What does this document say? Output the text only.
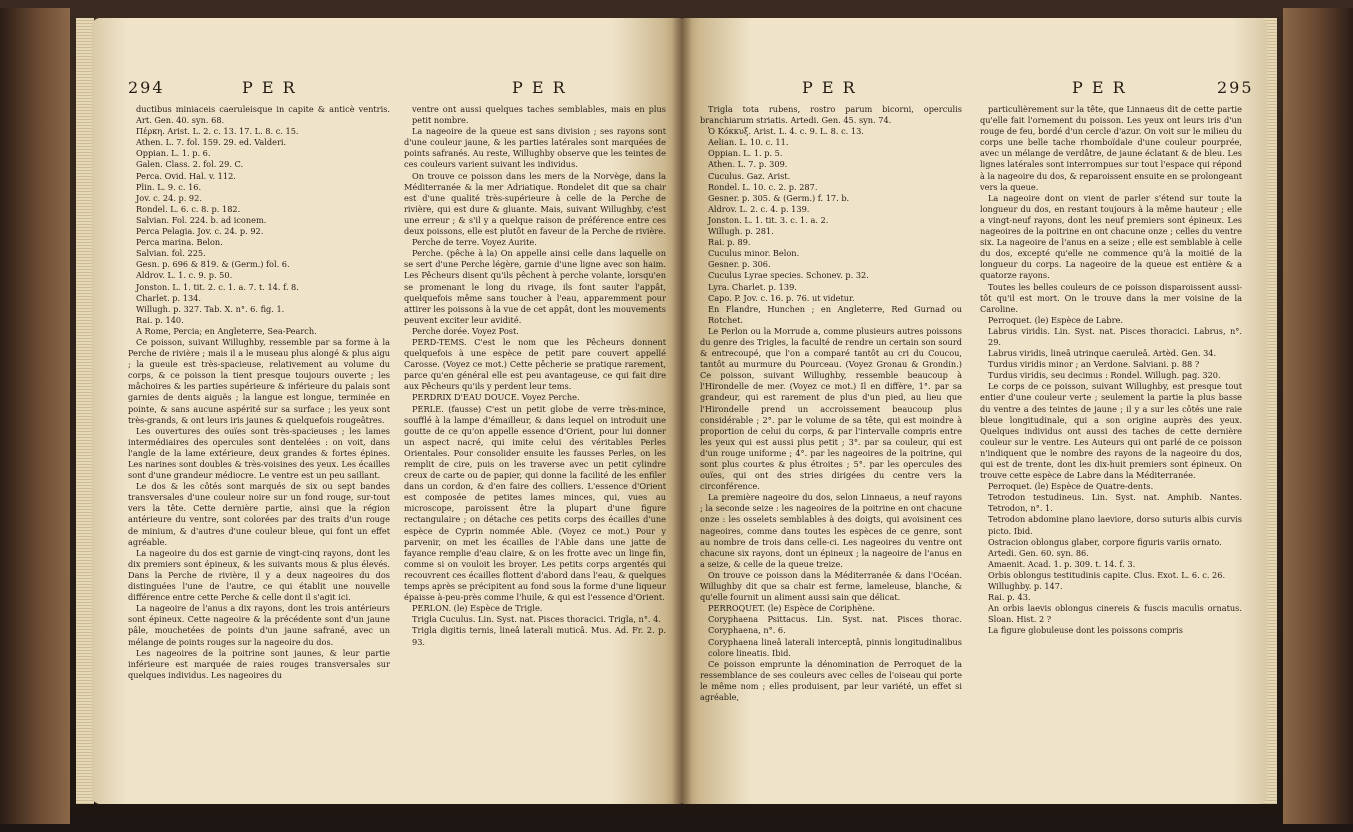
294	P E R	P E R

ductibus miniaceis caeruleisque in capite & anticè ventris. Art. Gen. 40. syn. 68.

Πέρκη. Arist. L. 2. c. 13. 17. L. 8. c. 15.

Athen. L. 7. fol. 159. 29. ed. Valderi.

Oppian. L. 1. p. 6.

Galen. Class. 2. fol. 29. C.

Perca. Ovid. Hal. v. 112.

Plin. L. 9. c. 16.

Jov. c. 24. p. 92.

Rondel. L. 6. c. 8. p. 182.

Salvian. Fol. 224. b. ad iconem.

Perca Pelagia. Jov. c. 24. p. 92.

Perca marina. Belon.

Salvian. fol. 225.

Gesn. p. 696 & 819. & (Germ.) fol. 6.

Aldrov. L. 1. c. 9. p. 50.

Jonston. L. 1. tit. 2. c. 1. a. 7. t. 14. f. 8.

Charlet. p. 134.

Willugh. p. 327. Tab. X. n°. 6. fig. 1.

Rai. p. 140.

A Rome, Percia; en Angleterre, Sea-Pearch.

Ce poisson, suivant Willughby, ressemble par sa forme à la Perche de rivière ; mais il a le museau plus alongé & plus aigu ; la gueule est très-spacieuse, relativement au volume du corps, & ce poisson la tient presque toujours ouverte ; les mâchoires & les parties supérieure & inférieure du palais sont garnies de dents aiguës ; la langue est longue, terminée en pointe, & sans aucune aspérité sur sa surface ; les yeux sont très-grands, & ont leurs iris jaunes & quelquefois rougeâtres.

Les ouvertures des ouïes sont très-spacieuses ; les lames intermédiaires des opercules sont dentelées : on voit, dans l'angle de la lame extérieure, deux grandes & fortes épines. Les narines sont doubles & très-voisines des yeux. Les écailles sont d'une grandeur médiocre. Le ventre est un peu saillant.

Le dos & les côtés sont marqués de six ou sept bandes transversales d'une couleur noire sur un fond rouge, sur-tout vers la tête. Cette dernière partie, ainsi que la région antérieure du ventre, sont colorées par des traits d'un rouge de minium, & d'autres d'une couleur bleue, qui font un effet agréable.

La nageoire du dos est garnie de vingt-cinq rayons, dont les dix premiers sont épineux, & les suivants mous & plus élevés. Dans la Perche de rivière, il y a deux nageoires du dos distinguées l'une de l'autre, ce qui établit une nouvelle différence entre cette Perche & celle dont il s'agit ici.

La nageoire de l'anus a dix rayons, dont les trois antérieurs sont épineux. Cette nageoire & la précédente sont d'un jaune pâle, mouchetées de points d'un jaune safrané, avec un mélange de points rouges sur la nageoire du dos.

Les nageoires de la poitrine sont jaunes, & leur partie inférieure est marquée de raies rouges transversales sur quelques individus. Les nageoires du

ventre ont aussi quelques taches semblables, mais en plus petit nombre.

La nageoire de la queue est sans division ; ses rayons sont d'une couleur jaune, & les parties latérales sont marquées de points safranés. Au reste, Willughby observe que les teintes de ces couleurs varient suivant les individus.

On trouve ce poisson dans les mers de la Norvège, dans la Méditerranée & la mer Adriatique. Rondelet dit que sa chair est d'une qualité très-supérieure à celle de la Perche de rivière, qui est dure & gluante. Mais, suivant Willughby, c'est une erreur ; & s'il y a quelque raison de préférence entre ces deux poissons, elle est plutôt en faveur de la Perche de rivière.

Perche de terre. Voyez Aurite.

Perche. (pêche à la) On appelle ainsi celle dans laquelle on se sert d'une Perche légère, garnie d'une ligne avec son haim. Les Pêcheurs disent qu'ils pêchent à perche volante, lorsqu'en se promenant le long du rivage, ils font sauter l'appât, quelquefois même sans toucher à l'eau, apparemment pour attirer les poissons à la vue de cet appât, dont les mouvements peuvent exciter leur avidité.

Perche dorée. Voyez Post.

PERD-TEMS. C'est le nom que les Pêcheurs donnent quelquefois à une espèce de petit pare couvert appellé Carosse. (Voyez ce mot.) Cette pêcherie se pratique rarement, parce qu'en général elle est peu avantageuse, ce qui fait dire aux Pêcheurs qu'ils y perdent leur tems.

PERDRIX D'EAU DOUCE. Voyez Perche.

PERLE. (fausse) C'est un petit globe de verre très-mince, soufflé à la lampe d'émailleur, & dans lequel on introduit une goutte de ce qu'on appelle essence d'Orient, pour lui donner un aspect nacré, qui imite celui des véritables Perles Orientales. Pour consolider ensuite les fausses Perles, on les remplit de cire, puis on les traverse avec un petit cylindre creux de carte ou de papier, qui donne la facilité de les enfiler dans un cordon, & d'en faire des colliers. L'essence d'Orient est composée de petites lames minces, qui, vues au microscope, paroissent être la plupart d'une figure rectangulaire ; on détache ces petits corps des écailles d'une espèce de Cyprin nommée Able. (Voyez ce mot.) Pour y parvenir, on met les écailles de l'Able dans une jatte de fayance remplie d'eau claire, & on les frotte avec un linge fin, comme si on vouloit les broyer. Les petits corps argentés qui recouvrent ces écailles flottent d'abord dans l'eau, & quelques temps après se précipitent au fond sous la forme d'une liqueur épaisse à-peu-près comme l'huile, & qui est l'essence d'Orient.

PERLON. (le) Espèce de Trigle.

Trigla Cuculus. Lin. Syst. nat. Pisces thoracici. Trigla, n°. 4.

Trigla digitis ternis, lineâ laterali muticâ. Mus. Ad. Fr. 2. p. 93.

P E R	P E R	295

Trigla tota rubens, rostro parum bicorni, operculis branchiarum striatis. Artedi. Gen. 45. syn. 74.

Ὁ Κόκκυξ. Arist. L. 4. c. 9. L. 8. c. 13.

Aelian. L. 10. c. 11.

Oppian. L. 1. p. 5.

Athen. L. 7. p. 309.

Cuculus. Gaz. Arist.

Rondel. L. 10. c. 2. p. 287.

Gesner. p. 305. & (Germ.) f. 17. b.

Aldrov. L. 2. c. 4. p. 139.

Jonston. L. 1. tit. 3. c. 1. a. 2.

Willugh. p. 281.

Rai. p. 89.

Cuculus minor. Belon.

Gesner. p. 306.

Cuculus Lyrae species. Schonev. p. 32.

Lyra. Charlet. p. 139.

Capo. P. Jov. c. 16. p. 76. ut videtur.

En Flandre, Hunchen ; en Angleterre, Red Gurnad ou Rotchet.

Le Perlon ou la Morrude a, comme plusieurs autres poissons du genre des Trigles, la faculté de rendre un certain son sourd & entrecoupé, que l'on a comparé tantôt au cri du Coucou, tantôt au murmure du Pourceau. (Voyez Gronau & Grondin.) Ce poisson, suivant Willughby, ressemble beaucoup à l'Hirondelle de mer. (Voyez ce mot.) Il en diffère, 1°. par sa grandeur, qui est rarement de plus d'un pied, au lieu que l'Hirondelle prend un accroissement beaucoup plus considérable ; 2°. par le volume de sa tête, qui est moindre à proportion de celui du corps, & par l'intervalle compris entre les yeux qui est aussi plus petit ; 3°. par sa couleur, qui est d'un rouge uniforme ; 4°. par les nageoires de la poitrine, qui sont plus courtes & plus étroites ; 5°. par les opercules des ouïes, qui ont des stries dirigées du centre vers la circonférence.

La première nageoire du dos, selon Linnaeus, a neuf rayons ; la seconde seize : les nageoires de la poitrine en ont chacune onze : les osselets semblables à des doigts, qui avoisinent ces nageoires, comme dans toutes les espèces de ce genre, sont au nombre de trois dans celle-ci. Les nageoires du ventre ont chacune six rayons, dont un épineux ; la nageoire de l'anus en a seize, & celle de la queue treize.

On trouve ce poisson dans la Méditerranée & dans l'Océan. Willughby dit que sa chair est ferme, lameleuse, blanche, & qu'elle fournit un aliment aussi sain que délicat.

PERROQUET. (le) Espèce de Coriphène.

Coryphaena Psittacus. Lin. Syst. nat. Pisces thorac. Coryphaena, n°. 6.

Coryphaena lineâ laterali interceptâ, pinnis longitudinalibus colore lineatis. Ibid.

Ce poisson emprunte la dénomination de Perroquet de la ressemblance de ses couleurs avec celles de l'oiseau qui porte le même nom ; elles produisent, par leur variété, un effet si agréable,

particulièrement sur la tête, que Linnaeus dit de cette partie qu'elle fait l'ornement du poisson. Les yeux ont leurs iris d'un rouge de feu, bordé d'un cercle d'azur. On voit sur le milieu du corps une belle tache rhomboïdale d'une couleur pourprée, avec un mélange de verdâtre, de jaune éclatant & de bleu. Les lignes latérales sont interrompues sur tout l'espace qui répond à la nageoire du dos, & reparoissent ensuite en se prolongeant vers la queue.

La nageoire dont on vient de parler s'étend sur toute la longueur du dos, en restant toujours à la même hauteur ; elle a vingt-neuf rayons, dont les neuf premiers sont épineux. Les nageoires de la poitrine en ont chacune onze ; celles du ventre six. La nageoire de l'anus en a seize ; elle est semblable à celle du dos, excepté qu'elle ne commence qu'à la moitié de la longueur du corps. La nageoire de la queue est entière & a quatorze rayons.

Toutes les belles couleurs de ce poisson disparoissent aussi-tôt qu'il est mort. On le trouve dans la mer voisine de la Caroline.

Perroquet. (le) Espèce de Labre.

Labrus viridis. Lin. Syst. nat. Pisces thoracici. Labrus, n°. 29.

Labrus viridis, lineâ utrinque caeruleâ. Artèd. Gen. 34.

Turdus viridis minor ; an Verdone. Salviani. p. 88 ?

Turdus viridis, seu decimus : Rondel. Willugh. pag. 320.

Le corps de ce poisson, suivant Willughby, est presque tout entier d'une couleur verte ; seulement la partie la plus basse du ventre a des teintes de jaune ; il y a sur les côtés une raie bleue longitudinale, qui a son origine auprès des yeux. Quelques individus ont aussi des taches de cette dernière couleur sur le ventre. Les Auteurs qui ont parlé de ce poisson n'indiquent que le nombre des rayons de la nageoire du dos, qui est de trente, dont les dix-huit premiers sont épineux. On trouve cette espèce de Labre dans la Méditerranée.

Perroquet. (le) Espèce de Quatre-dents.

Tetrodon testudineus. Lin. Syst. nat. Amphib. Nantes. Tetrodon, n°. 1.

Tetrodon abdomine plano laeviore, dorso suturis albis curvis picto. Ibid.

Ostracion oblongus glaber, corpore figuris variis ornato.

Artedi. Gen. 60. syn. 86.

Amaenit. Acad. 1. p. 309. t. 14. f. 3.

Orbis oblongus testitudinis capite. Clus. Exot. L. 6. c. 26.

Willughby. p. 147.

Rai. p. 43.

An orbis laevis oblongus cinereis & fuscis maculis ornatus. Sloan. Hist. 2 ?

La figure globuleuse dont les poissons compris
